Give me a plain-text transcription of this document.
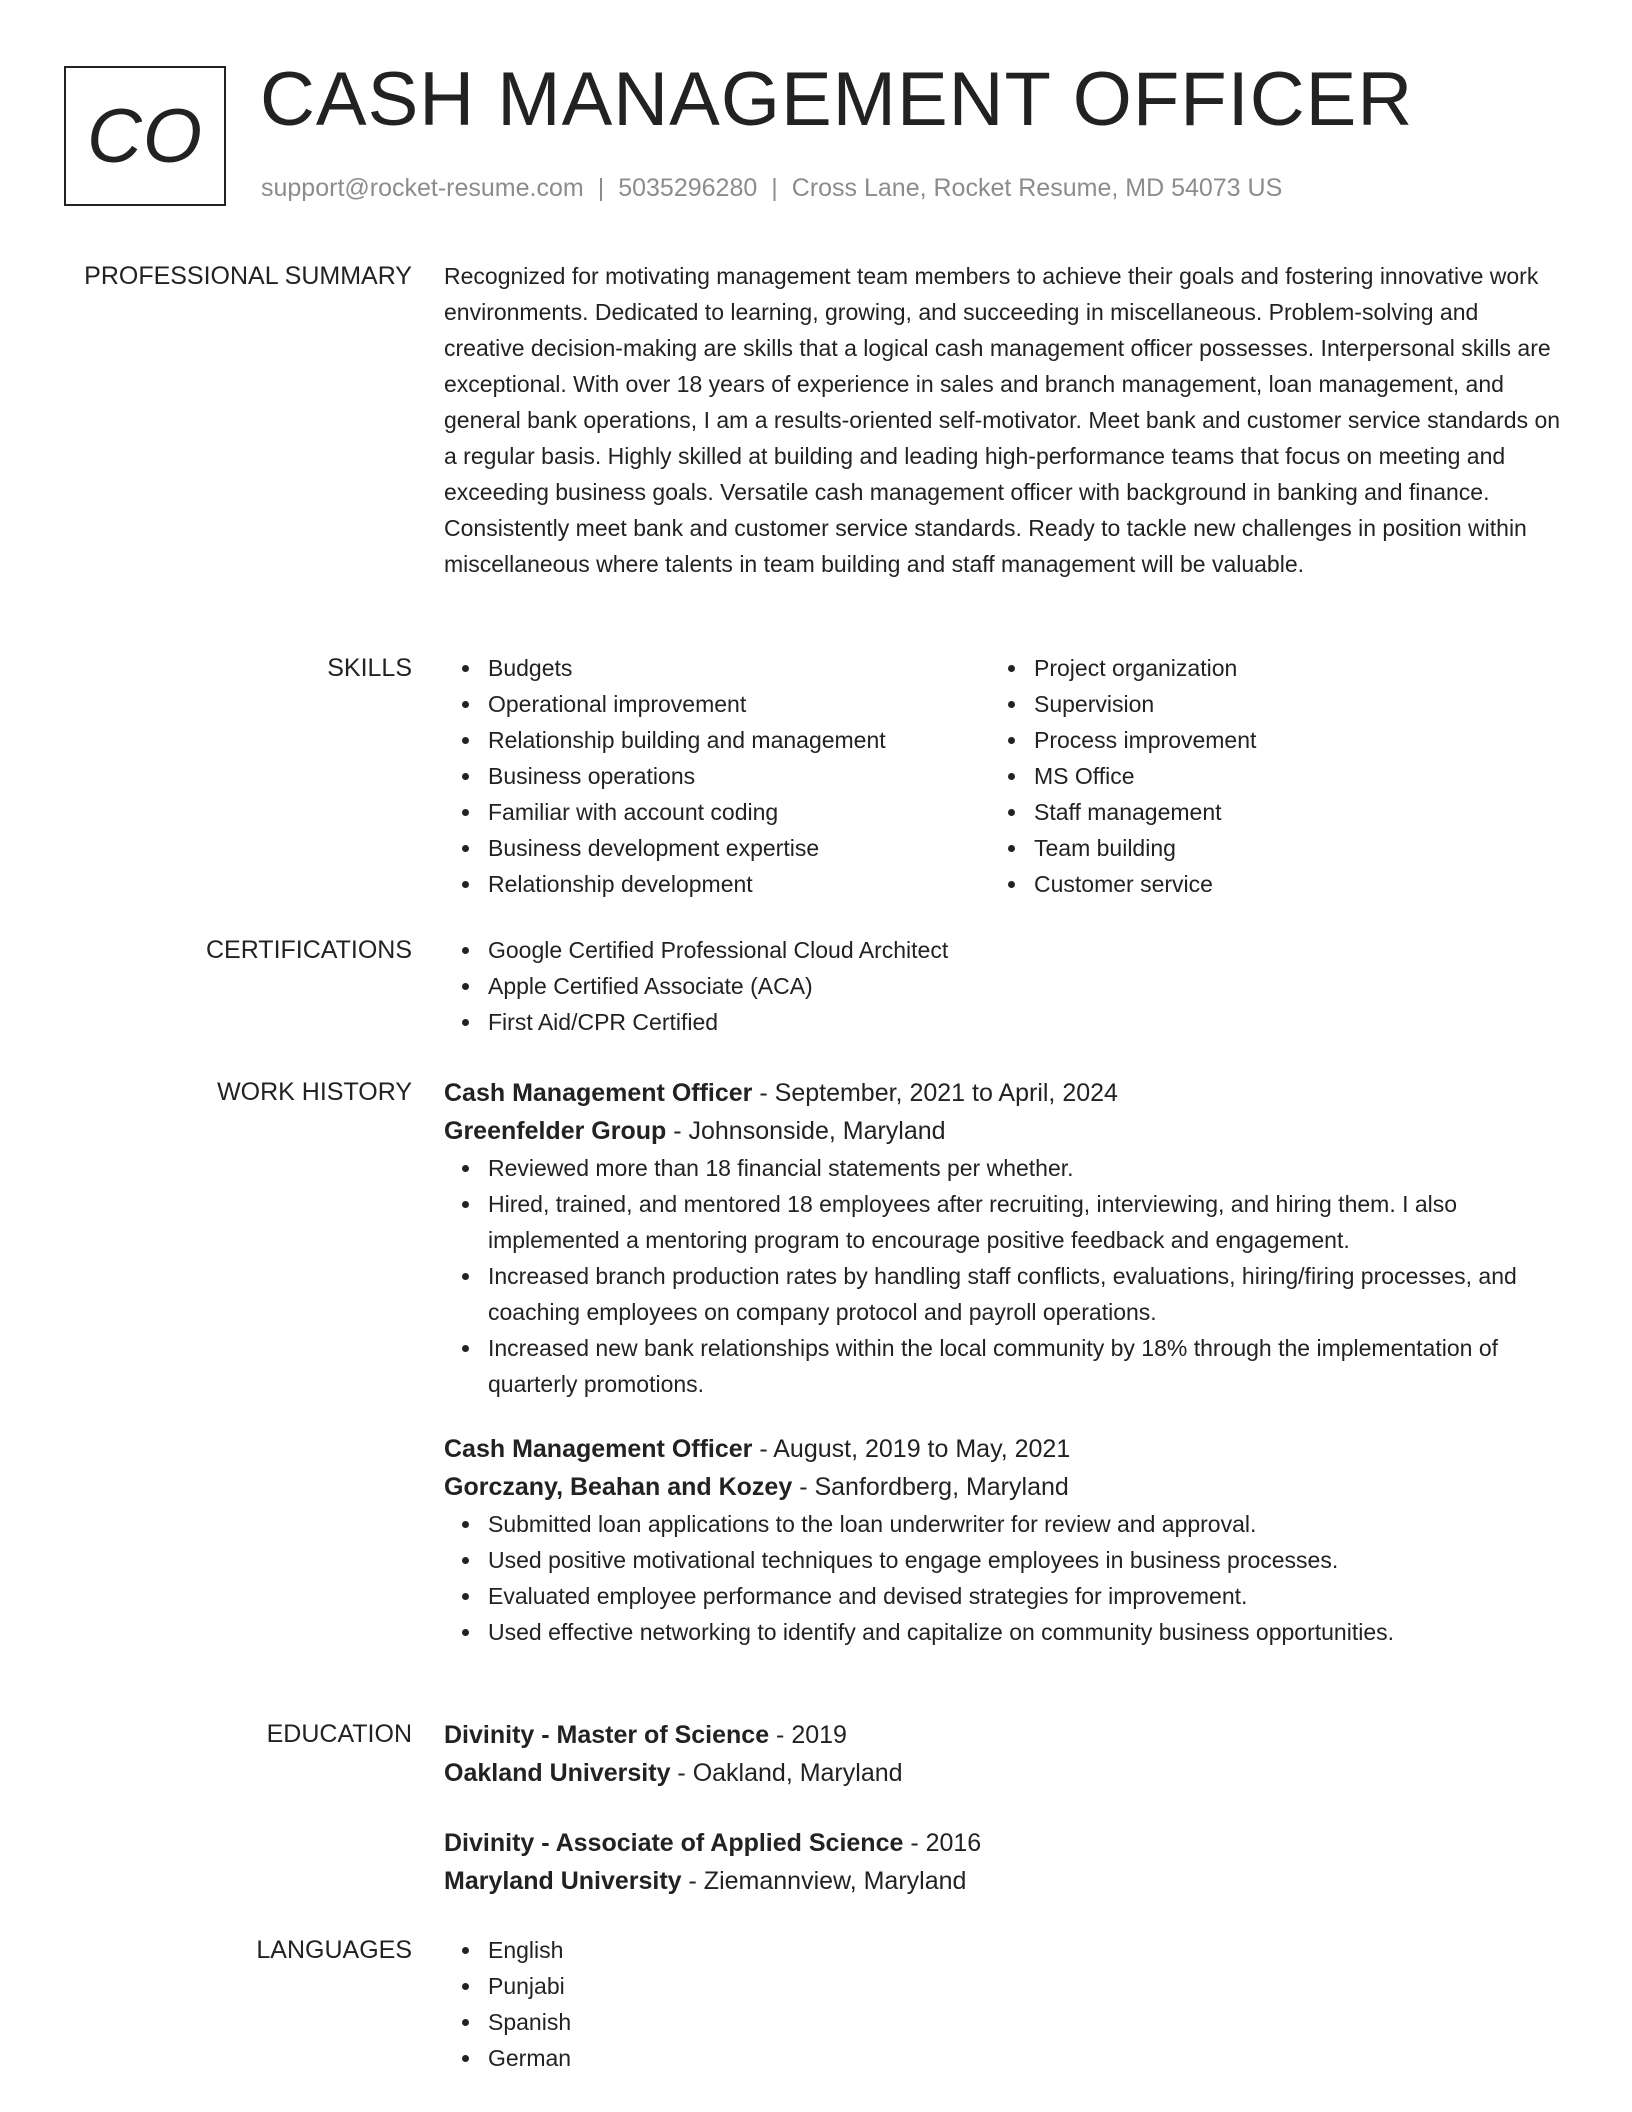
CO CASH MANAGEMENT OFFICER
support@rocket-resume.com | 5035296280 | Cross Lane, Rocket Resume, MD 54073 US
PROFESSIONAL SUMMARY Recognized for motivating management team members to achieve their goals and fostering innovative work environments. Dedicated to learning, growing, and succeeding in miscellaneous. Problem-solving and creative decision-making are skills that a logical cash management officer possesses. Interpersonal skills are exceptional. With over 18 years of experience in sales and branch management, loan management, and general bank operations, I am a results-oriented self-motivator. Meet bank and customer service standards on a regular basis. Highly skilled at building and leading high-performance teams that focus on meeting and exceeding business goals. Versatile cash management officer with background in banking and finance. Consistently meet bank and customer service standards. Ready to tackle new challenges in position within miscellaneous where talents in team building and staff management will be valuable.

SKILLS	Budgets
Operational improvement
Relationship building and management
Business operations
Familiar with account coding
Business development expertise
Relationship development
Project organization
Supervision
Process improvement
MS Office
Staff management
Team building
Customer service
CERTIFICATIONS	Google Certified Professional Cloud Architect
Apple Certified Associate (ACA)
First Aid/CPR Certified
WORK HISTORY Cash Management Officer - September, 2021 to April, 2024
Greenfelder Group - Johnsonside, Maryland
Reviewed more than 18 financial statements per whether.
Hired, trained, and mentored 18 employees after recruiting, interviewing, and hiring them. I also implemented a mentoring program to encourage positive feedback and engagement.
Increased branch production rates by handling staff conflicts, evaluations, hiring/firing processes, and coaching employees on company protocol and payroll operations.
Increased new bank relationships within the local community by 18% through the implementation of quarterly promotions.
Cash Management Officer - August, 2019 to May, 2021
Gorczany, Beahan and Kozey - Sanfordberg, Maryland
Submitted loan applications to the loan underwriter for review and approval.
Used positive motivational techniques to engage employees in business processes.
Evaluated employee performance and devised strategies for improvement.
Used effective networking to identify and capitalize on community business opportunities.
EDUCATION Divinity - Master of Science - 2019
Oakland University - Oakland, Maryland
Divinity - Associate of Applied Science - 2016
Maryland University - Ziemannview, Maryland
LANGUAGES	English
Punjabi
Spanish
German
